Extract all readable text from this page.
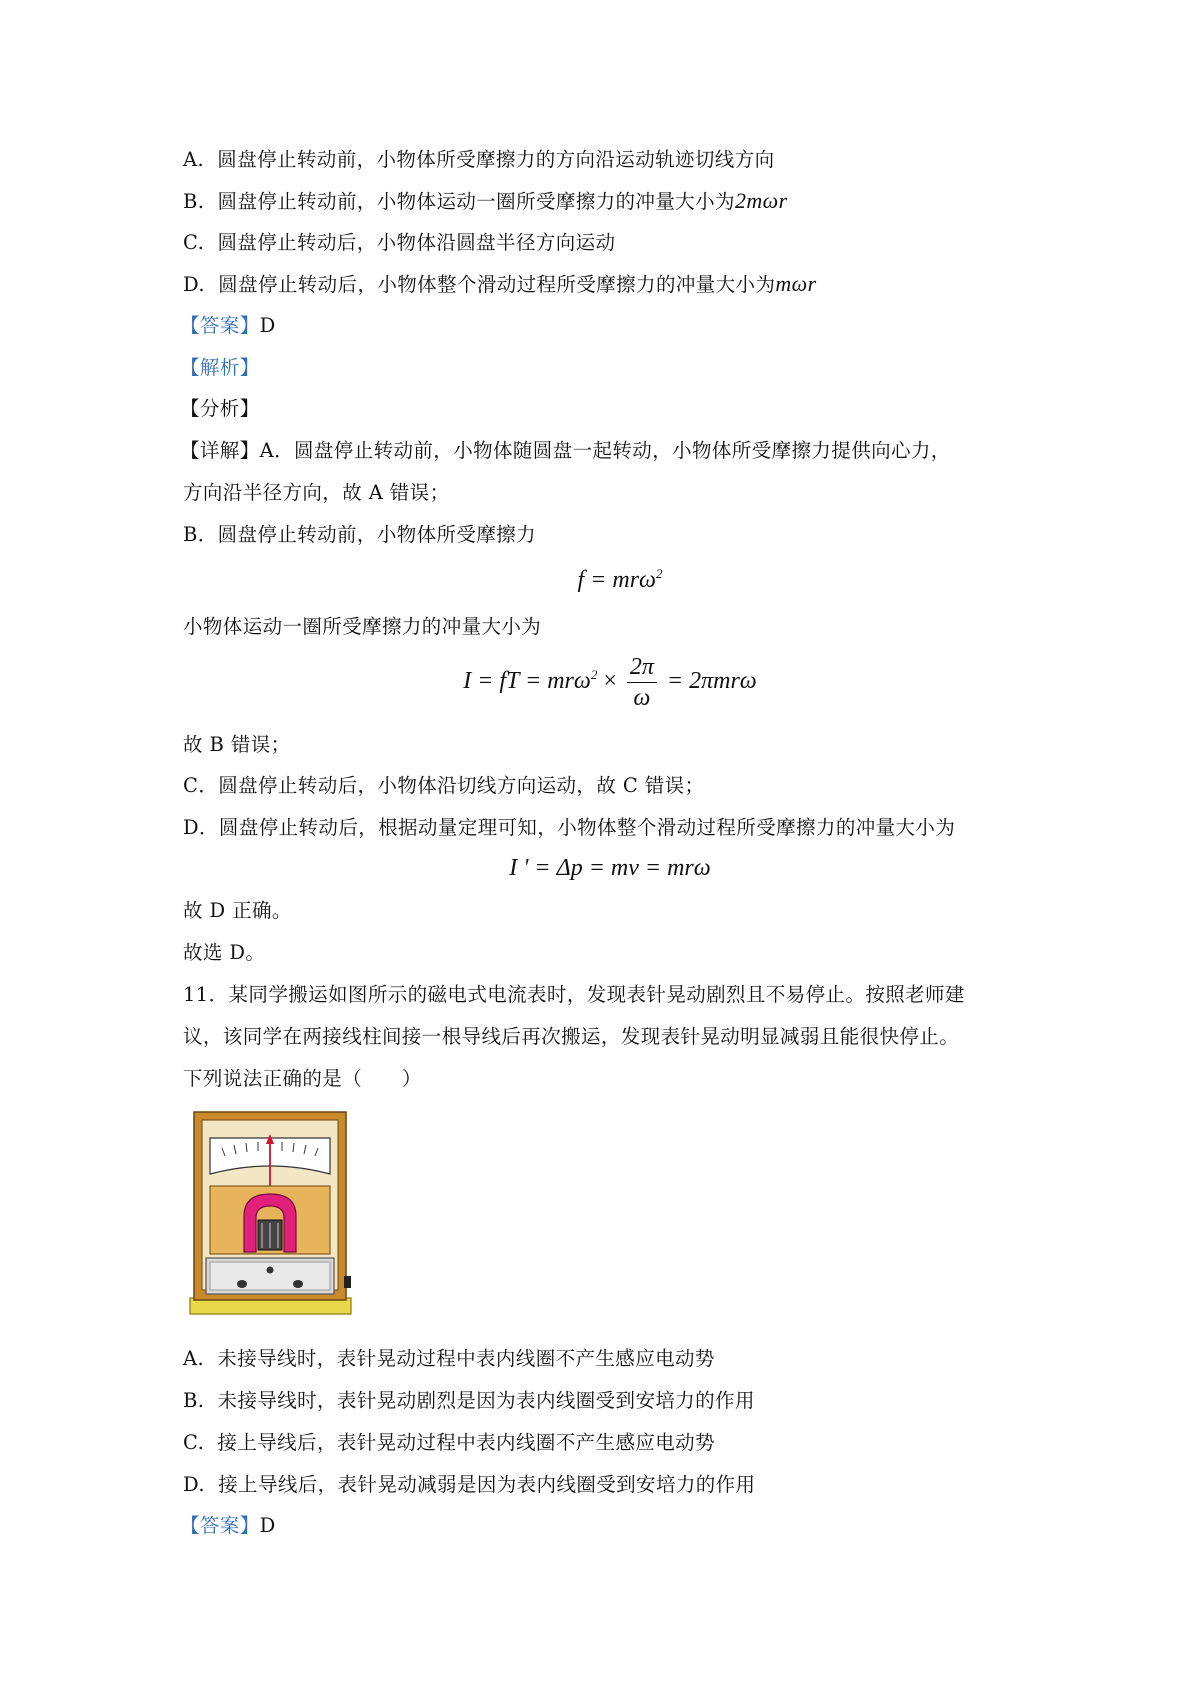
A. 圆盘停止转动前，小物体所受摩擦力的方向沿运动轨迹切线方向
B. 圆盘停止转动前，小物体运动一圈所受摩擦力的冲量大小为2mωr
C. 圆盘停止转动后，小物体沿圆盘半径方向运动
D. 圆盘停止转动后，小物体整个滑动过程所受摩擦力的冲量大小为mωr
【答案】D
【解析】
【分析】
【详解】A．圆盘停止转动前，小物体随圆盘一起转动，小物体所受摩擦力提供向心力，
方向沿半径方向，故 A 错误；
B．圆盘停止转动前，小物体所受摩擦力
f = mrω$^2$
小物体运动一圈所受摩擦力的冲量大小为
I = fT = $mr\omega^2 \times \frac{2\pi}{\omega} = 2\pi mr\omega$
故 B 错误；
C．圆盘停止转动后，小物体沿切线方向运动，故 C 错误；
D．圆盘停止转动后，根据动量定理可知，小物体整个滑动过程所受摩擦力的冲量大小为
I ' = Δp = mv = mrω
故 D 正确。
故选 D。
11．某同学搬运如图所示的磁电式电流表时，发现表针晃动剧烈且不易停止。按照老师建
议，该同学在两接线柱间接一根导线后再次搬运，发现表针晃动明显减弱且能很快停止。
下列说法正确的是（　　）
A. 未接导线时，表针晃动过程中表内线圈不产生感应电动势
B. 未接导线时，表针晃动剧烈是因为表内线圈受到安培力的作用
C. 接上导线后，表针晃动过程中表内线圈不产生感应电动势
D. 接上导线后，表针晃动减弱是因为表内线圈受到安培力的作用
【答案】D
